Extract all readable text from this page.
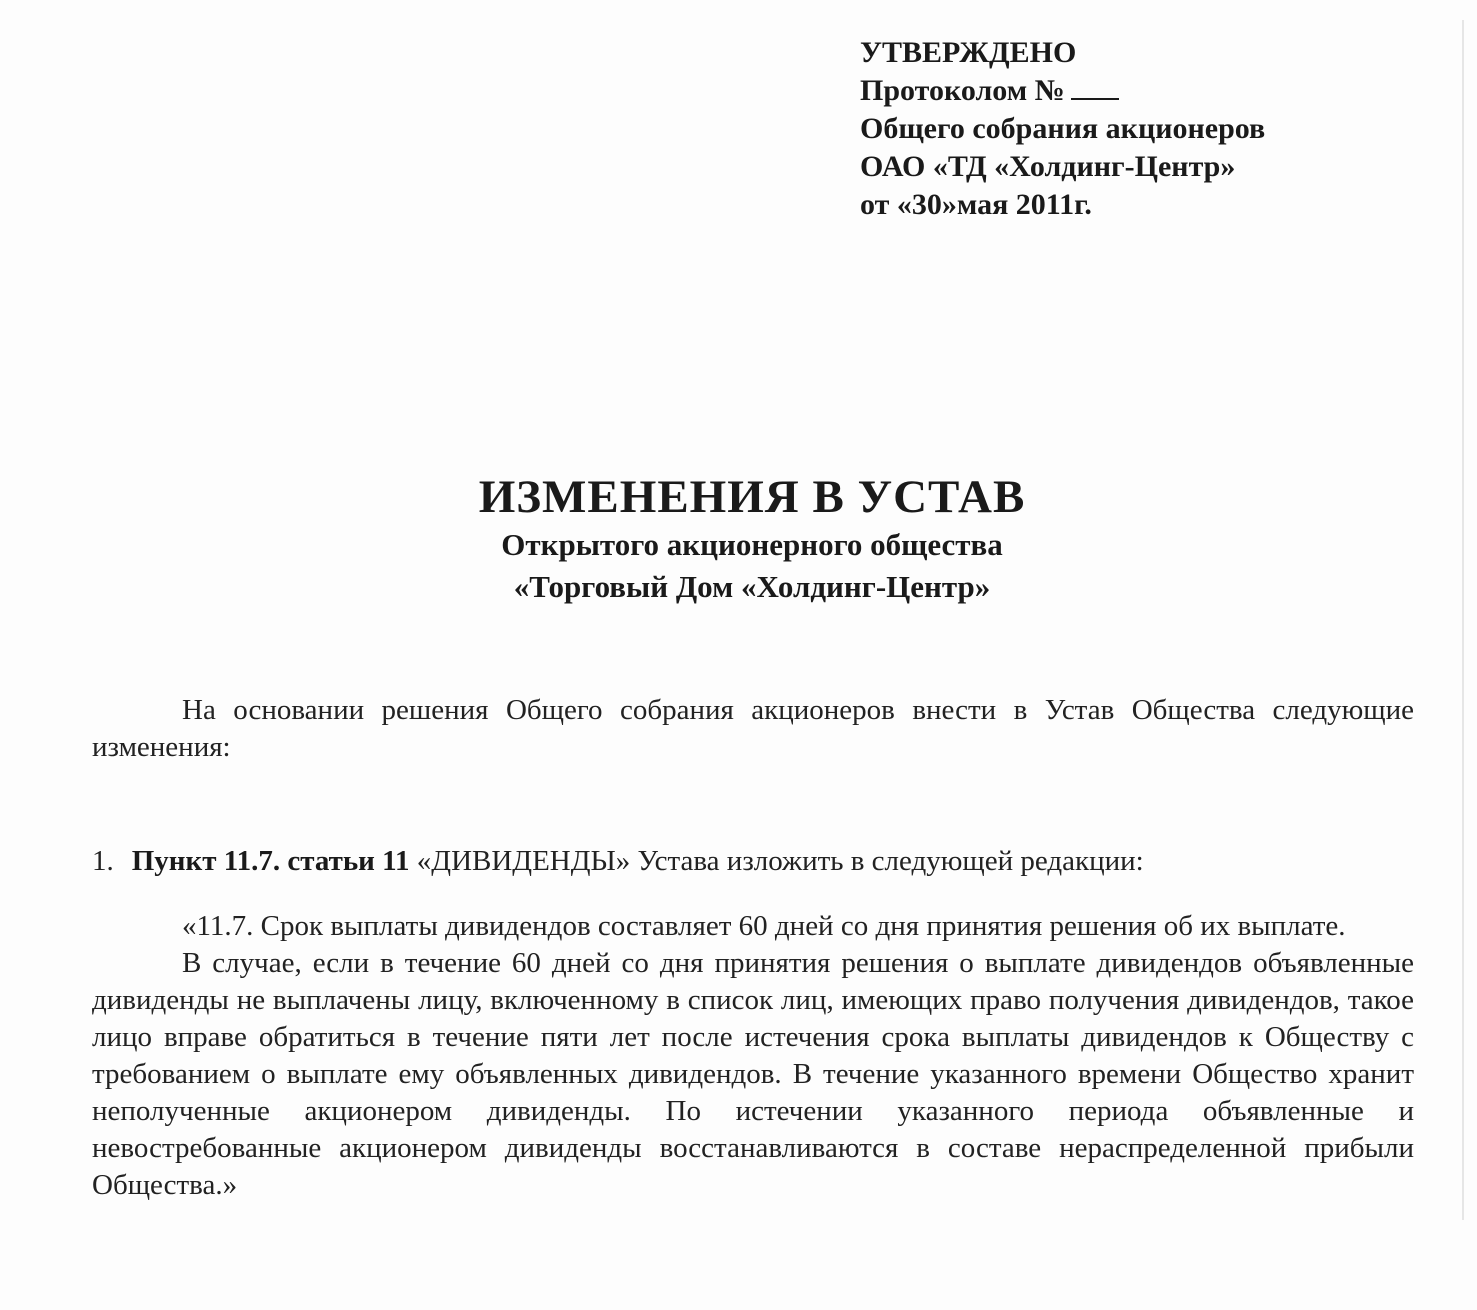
УТВЕРЖДЕНО
Протоколом №
Общего собрания акционеров
ОАО «ТД «Холдинг-Центр»
от «30»мая 2011г.
ИЗМЕНЕНИЯ В УСТАВ
Открытого акционерного общества
«Торговый Дом «Холдинг-Центр»
На основании решения Общего собрания акционеров внести в Устав Общества следующие изменения:
1. Пункт 11.7. статьи 11 «ДИВИДЕНДЫ» Устава изложить в следующей редакции:

«11.7. Срок выплаты дивидендов составляет 60 дней со дня принятия решения об их выплате.

В случае, если в течение 60 дней со дня принятия решения о выплате дивидендов объявленные дивиденды не выплачены лицу, включенному в список лиц, имеющих право получения дивидендов, такое лицо вправе обратиться в течение пяти лет после истечения срока выплаты дивидендов к Обществу с требованием о выплате ему объявленных дивидендов. В течение указанного времени Общество хранит неполученные акционером дивиденды. По истечении указанного периода объявленные и невостребованные акционером дивиденды восстанавливаются в составе нераспределенной прибыли Общества.»
